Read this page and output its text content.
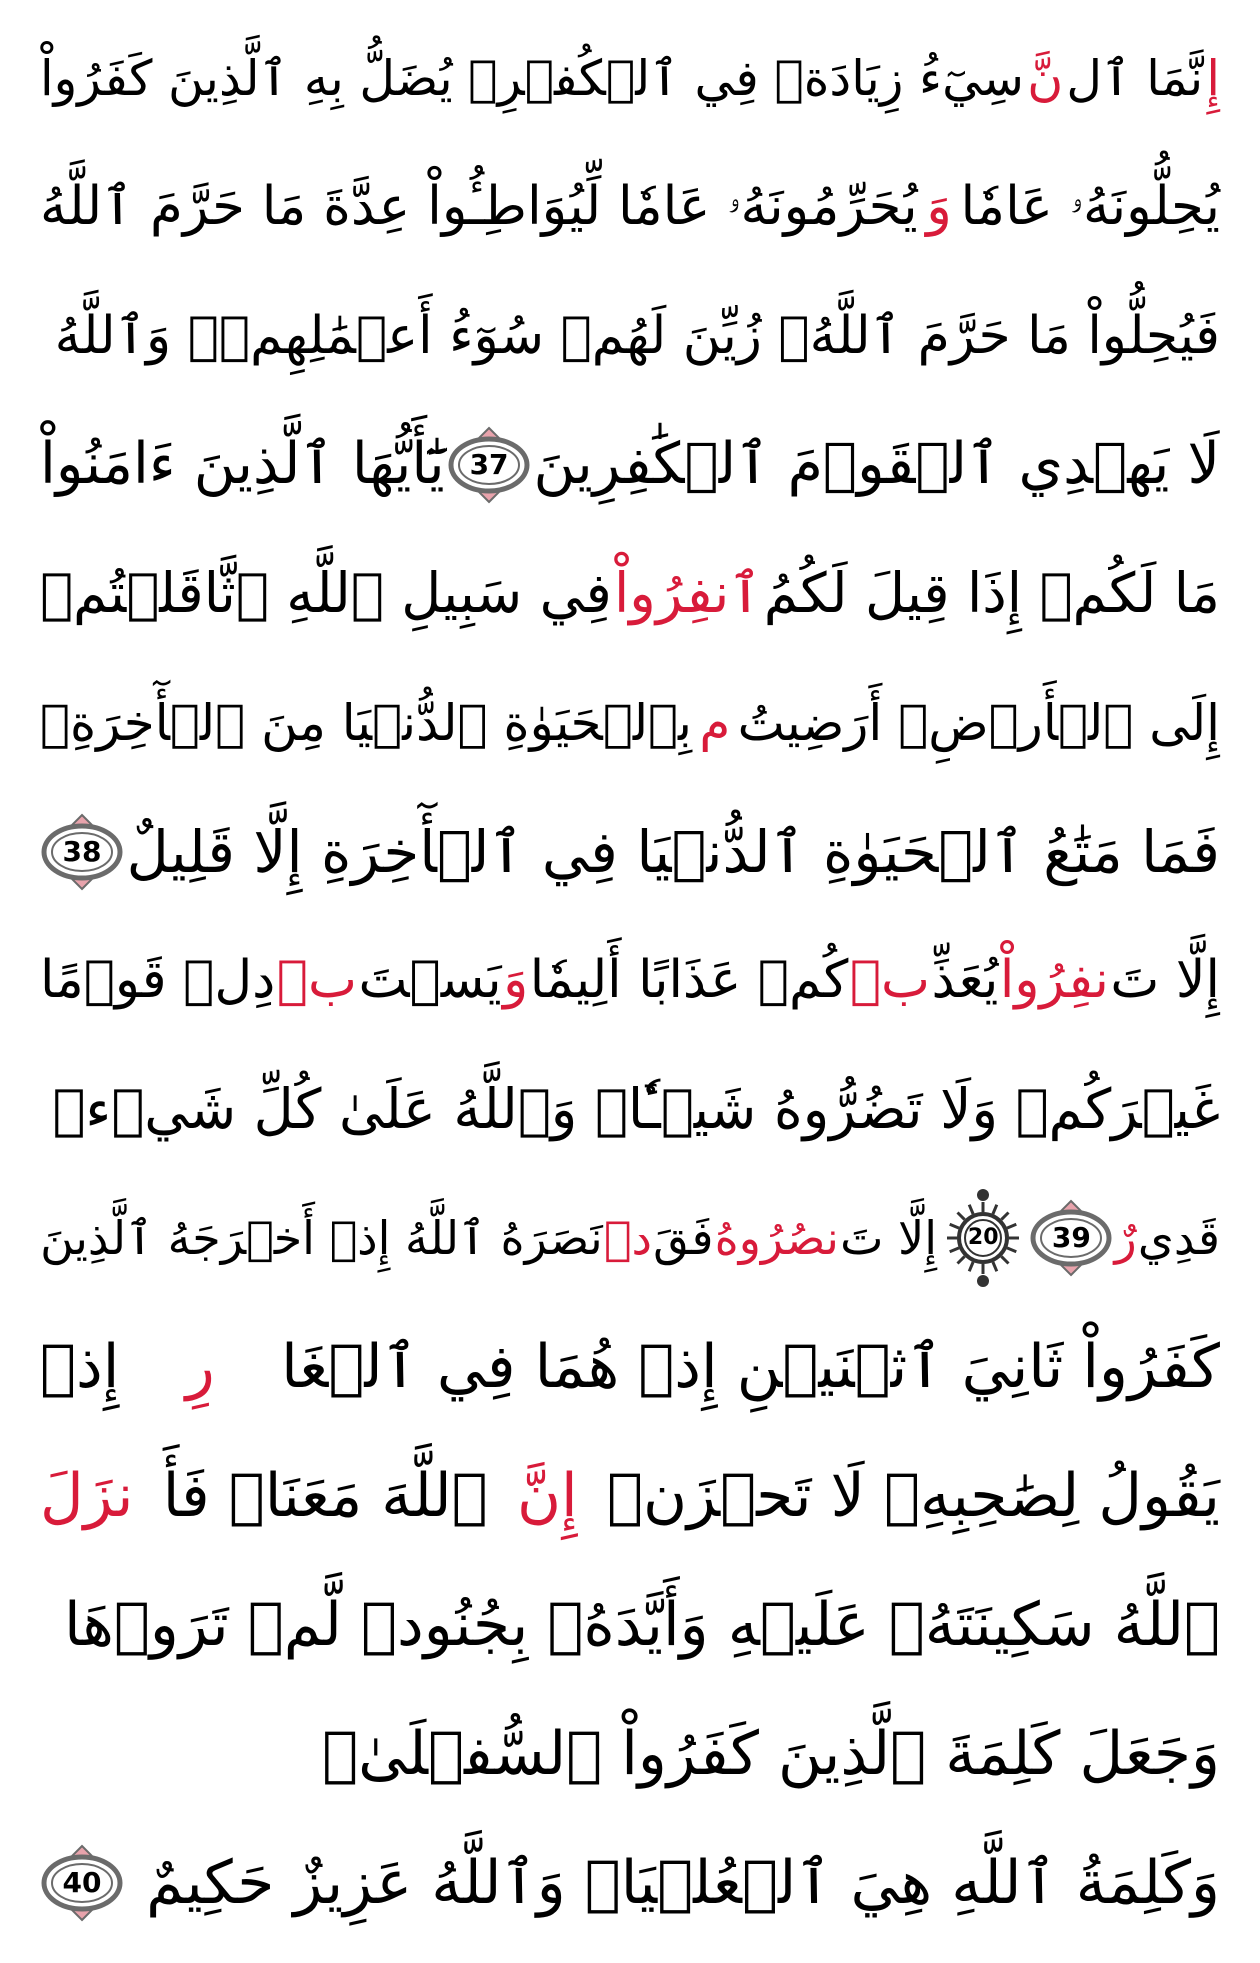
إِ
نَّمَا ٱل
نَّ
سِيٓءُ زِيَادَةٞ فِي ٱلۡكُفۡرِۖ يُضَلُّ بِهِ ٱلَّذِينَ كَفَرُواْ
يُحِلُّونَهُۥ عَامٗا
وَ
يُحَرِّمُونَهُۥ عَامٗا لِّيُوَاطِـُٔواْ عِدَّةَ مَا حَرَّمَ ٱللَّهُ
فَيُحِلُّواْ مَا حَرَّمَ ٱللَّهُۚ زُيِّنَ لَهُمۡ سُوٓءُ أَعۡمَٰلِهِمۡۗ وَٱللَّهُ
لَا يَهۡدِي ٱلۡقَوۡمَ ٱلۡكَٰفِرِينَ
37
يَٰٓأَيُّهَا ٱلَّذِينَ ءَامَنُواْ
مَا لَكُمۡ إِذَا قِيلَ لَكُمُ
ٱنفِرُواْ
فِي سَبِيلِ ٱللَّهِ ٱثَّاقَلۡتُمۡ
إِلَى ٱلۡأَرۡضِۚ أَرَضِيتُ
م
بِٱلۡحَيَوٰةِ ٱلدُّنۡيَا مِنَ ٱلۡأٓخِرَةِۚ
فَمَا مَتَٰعُ ٱلۡحَيَوٰةِ ٱلدُّنۡيَا فِي ٱلۡأٓخِرَةِ إِلَّا قَلِيلٌ
38
إِلَّا تَ
نفِرُواْ
يُعَذِّ
بۡ
كُمۡ عَذَابًا أَلِيمٗا
وَ
يَسۡتَ
بۡ
دِلۡ قَوۡمًا
غَيۡرَكُمۡ وَلَا تَضُرُّوهُ شَيۡـٔٗاۗ وَٱللَّهُ عَلَىٰ كُلِّ شَيۡءٖ
قَدِي
رٌ
39
20
إِلَّا تَ
نصُرُوهُ
فَقَ
دۡ
نَصَرَهُ ٱللَّهُ إِذۡ أَخۡرَجَهُ ٱلَّذِينَ
كَفَرُواْ ثَانِيَ ٱثۡنَيۡنِ إِذۡ هُمَا فِي ٱلۡغَا
رِ
إِذۡ
يَقُولُ لِصَٰحِبِهِۦ لَا تَحۡزَنۡ
إِنَّ
ٱللَّهَ مَعَنَاۖ فَأَ
نزَلَ
ٱللَّهُ سَكِينَتَهُۥ عَلَيۡهِ وَأَيَّدَهُۥ بِجُنُودٖ لَّمۡ تَرَوۡهَا
وَجَعَلَ كَلِمَةَ ٱلَّذِينَ كَفَرُواْ ٱلسُّفۡلَىٰۗ
وَكَلِمَةُ ٱللَّهِ هِيَ ٱلۡعُلۡيَاۗ وَٱللَّهُ عَزِيزٌ حَكِيمٌ
40
